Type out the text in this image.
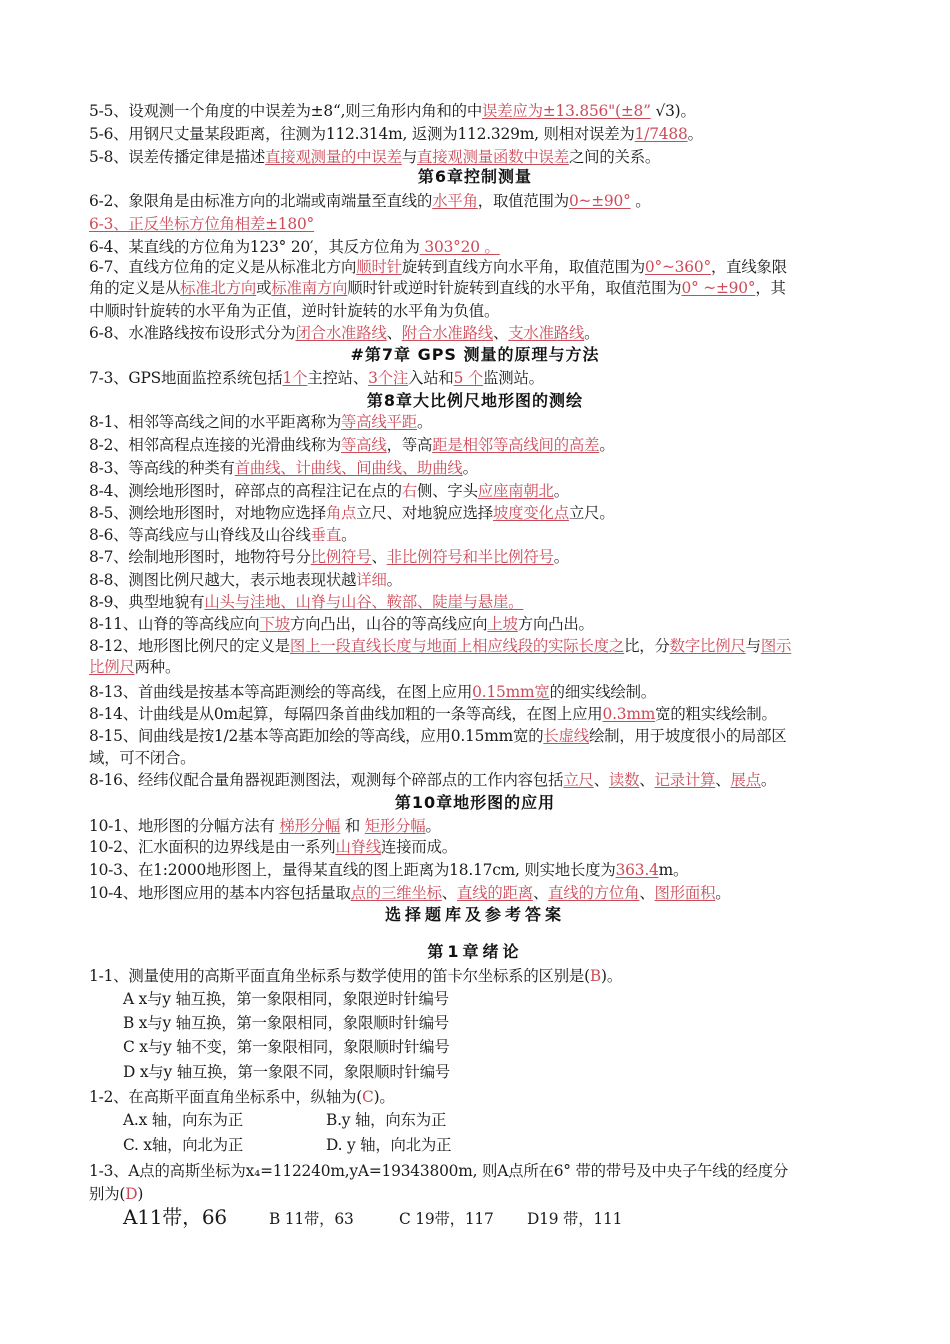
5-5、设观测一个角度的中误差为±8“,则三角形内角和的中误差应为±13.856"(±8” √3)。
5-6、用钢尺丈量某段距离，往测为112.314m, 返测为112.329m, 则相对误差为1/7488。
5-8、误差传播定律是描述直接观测量的中误差与直接观测量函数中误差之间的关系。
第6章控制测量
6-2、象限角是由标准方向的北端或南端量至直线的水平角，取值范围为0~±90° 。
6-3、正反坐标方位角相差±180°
6-4、某直线的方位角为123° 20′，其反方位角为 303°20 。
6-7、直线方位角的定义是从标准北方向顺时针旋转到直线方向水平角，取值范围为0°~360°，直线象限
角的定义是从标准北方向或标准南方向顺时针或逆时针旋转到直线的水平角，取值范围为0° ~±90°，其
中顺时针旋转的水平角为正值，逆时针旋转的水平角为负值。
6-8、水准路线按布设形式分为闭合水准路线、附合水准路线、支水准路线。
#第7章 GPS 测量的原理与方法
7-3、GPS地面监控系统包括1个主控站、3个注入站和5 个监测站。
第8章大比例尺地形图的测绘
8-1、相邻等高线之间的水平距离称为等高线平距。
8-2、相邻高程点连接的光滑曲线称为等高线，等高距是相邻等高线间的高差。
8-3、等高线的种类有首曲线、计曲线、间曲线、助曲线。
8-4、测绘地形图时，碎部点的高程注记在点的右侧、字头应座南朝北。
8-5、测绘地形图时，对地物应选择角点立尺、对地貌应选择坡度变化点立尺。
8-6、等高线应与山脊线及山谷线垂直。
8-7、绘制地形图时，地物符号分比例符号、非比例符号和半比例符号。
8-8、测图比例尺越大，表示地表现状越详细。
8-9、典型地貌有山头与洼地、山脊与山谷、鞍部、陡崖与悬崖。
8-11、山脊的等高线应向下坡方向凸出，山谷的等高线应向上坡方向凸出。
8-12、地形图比例尺的定义是图上一段直线长度与地面上相应线段的实际长度之比，分数字比例尺与图示
比例尺两种。
8-13、首曲线是按基本等高距测绘的等高线，在图上应用0.15mm宽的细实线绘制。
8-14、计曲线是从0m起算，每隔四条首曲线加粗的一条等高线，在图上应用0.3mm宽的粗实线绘制。
8-15、间曲线是按1/2基本等高距加绘的等高线，应用0.15mm宽的长虚线绘制，用于坡度很小的局部区
域，可不闭合。
8-16、经纬仪配合量角器视距测图法，观测每个碎部点的工作内容包括立尺、读数、记录计算、展点。
第10章地形图的应用
10-1、地形图的分幅方法有 梯形分幅 和 矩形分幅。
10-2、汇水面积的边界线是由一系列山脊线连接而成。
10-3、在1:2000地形图上，量得某直线的图上距离为18.17cm, 则实地长度为363.4m。
10-4、地形图应用的基本内容包括量取点的三维坐标、直线的距离、直线的方位角、图形面积。
选择题库及参考答案
第1章绪论
1-1、测量使用的高斯平面直角坐标系与数学使用的笛卡尔坐标系的区别是(B)。
A x与y 轴互换，第一象限相同，象限逆时针编号
B x与y 轴互换，第一象限相同，象限顺时针编号
C x与y 轴不变，第一象限相同，象限顺时针编号
D x与y 轴互换，第一象限不同，象限顺时针编号
1-2、在高斯平面直角坐标系中，纵轴为(C)。
A.x 轴，向东为正	B.y 轴，向东为正
C. x轴，向北为正	D. y 轴，向北为正
1-3、A点的高斯坐标为x₄=112240m,yA=19343800m, 则A点所在6° 带的带号及中央子午线的经度分
别为(D)
A11带，66	B 11带，63	C 19带，117 D19 带，111
